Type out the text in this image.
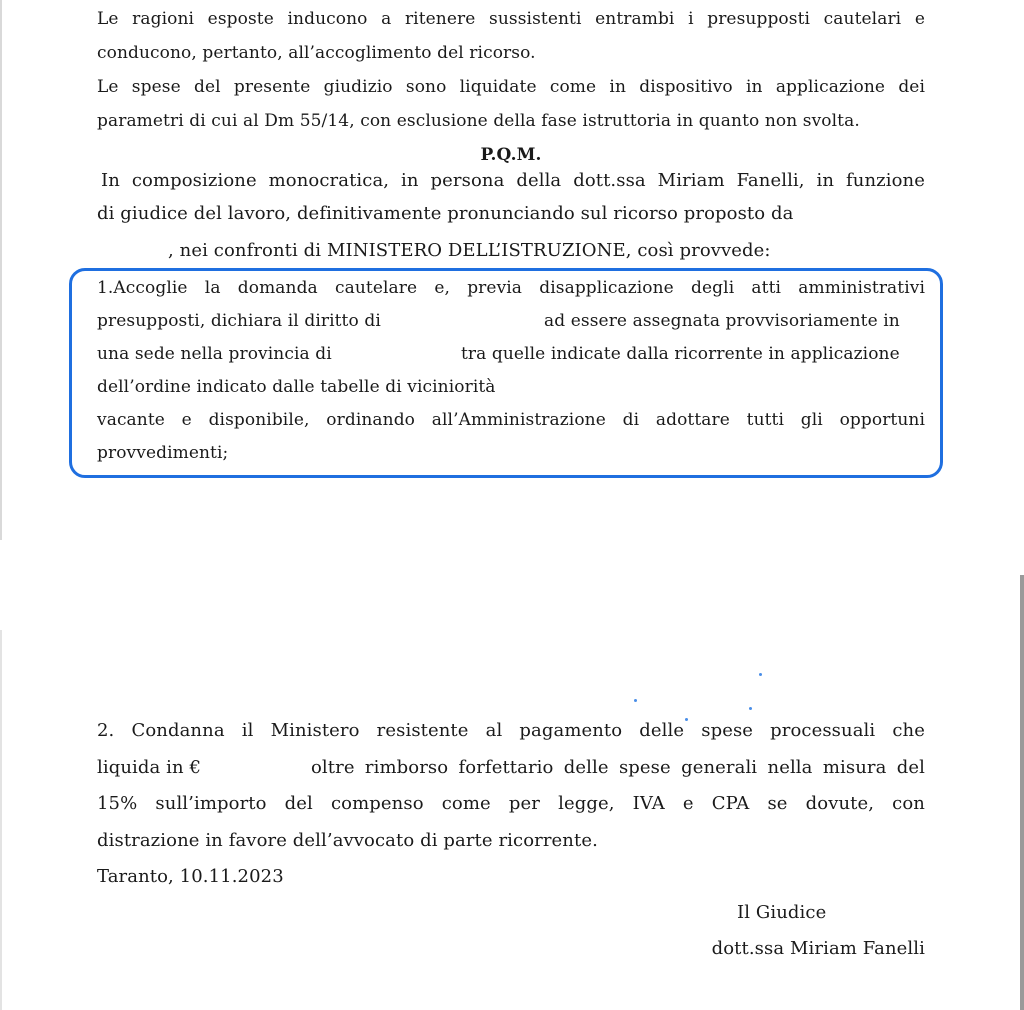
Le ragioni esposte inducono a ritenere sussistenti entrambi i presupposti cautelari e
conducono, pertanto, all’accoglimento del ricorso.
Le spese del presente giudizio sono liquidate come in dispositivo in applicazione dei
parametri di cui al Dm 55/14, con esclusione della fase istruttoria in quanto non svolta.
P.Q.M.
In composizione monocratica, in persona della dott.ssa Miriam Fanelli, in funzione
di giudice del lavoro, definitivamente pronunciando sul ricorso proposto da
, nei confronti di MINISTERO DELL’ISTRUZIONE, così provvede:
1.Accoglie la domanda cautelare e, previa disapplicazione degli atti amministrativi
presupposti, dichiara il diritto di	ad essere assegnata provvisoriamente in
una sede nella provincia di	tra quelle indicate dalla ricorrente in applicazione
dell’ordine indicato dalle tabelle di viciniorità
vacante e disponibile, ordinando all’Amministrazione di adottare tutti gli opportuni
provvedimenti;
2. Condanna il Ministero resistente al pagamento delle spese processuali che
liquida in €	oltre rimborso forfettario delle spese generali nella misura del
15% sull’importo del compenso come per legge, IVA e CPA se dovute, con
distrazione in favore dell’avvocato di parte ricorrente.
Taranto, 10.11.2023
Il Giudice
dott.ssa Miriam Fanelli
